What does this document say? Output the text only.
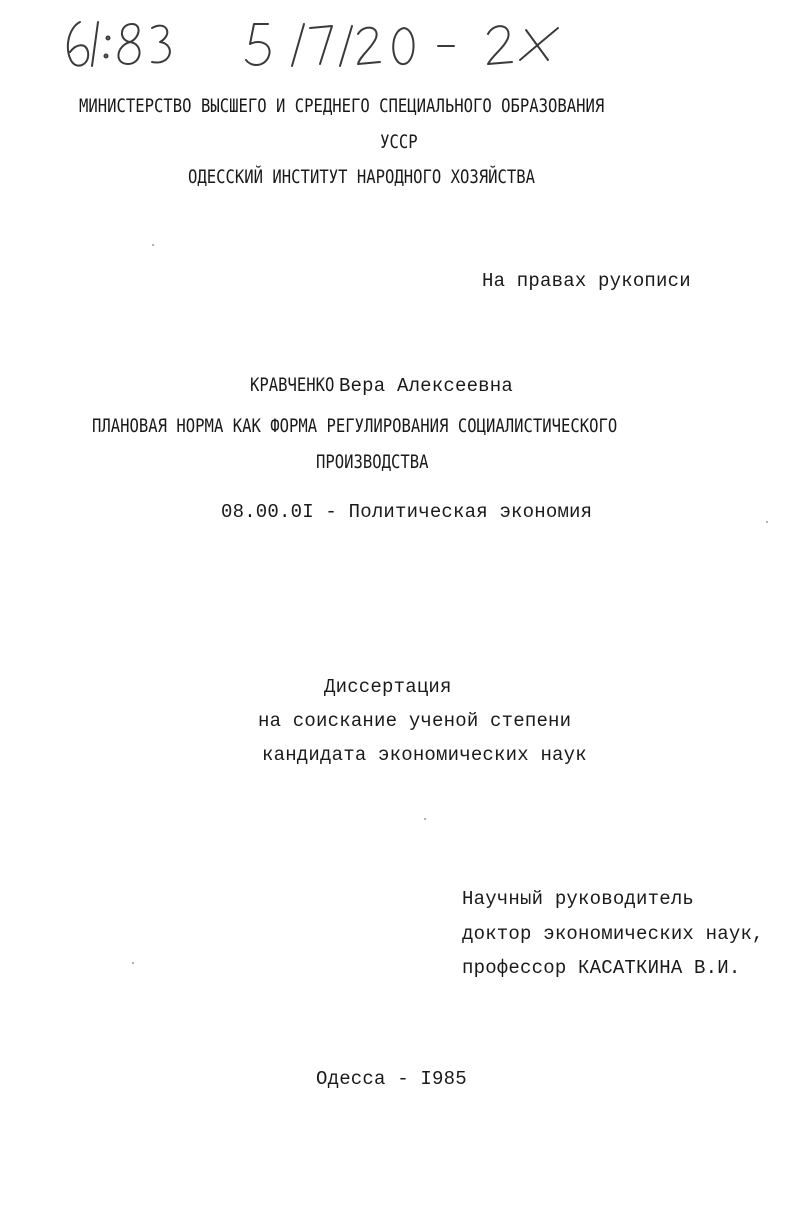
МИНИСТЕРСТВО ВЫСШЕГО И СРЕДНЕГО СПЕЦИАЛЬНОГО ОБРАЗОВАНИЯ
УССР
ОДЕССКИЙ ИНСТИТУТ НАРОДНОГО ХОЗЯЙСТВА
На правах рукописи
КРАВЧЕНКО Вера Алексеевна
ПЛАНОВАЯ НОРМА КАК ФОРМА РЕГУЛИРОВАНИЯ СОЦИАЛИСТИЧЕСКОГО
ПРОИЗВОДСТВА
08.00.0I - Политическая экономия
Диссертация
на соискание ученой степени
кандидата экономических наук
Научный руководитель
доктор экономических наук,
профессор КАСАТКИНА В.И.
Одесса - I985
